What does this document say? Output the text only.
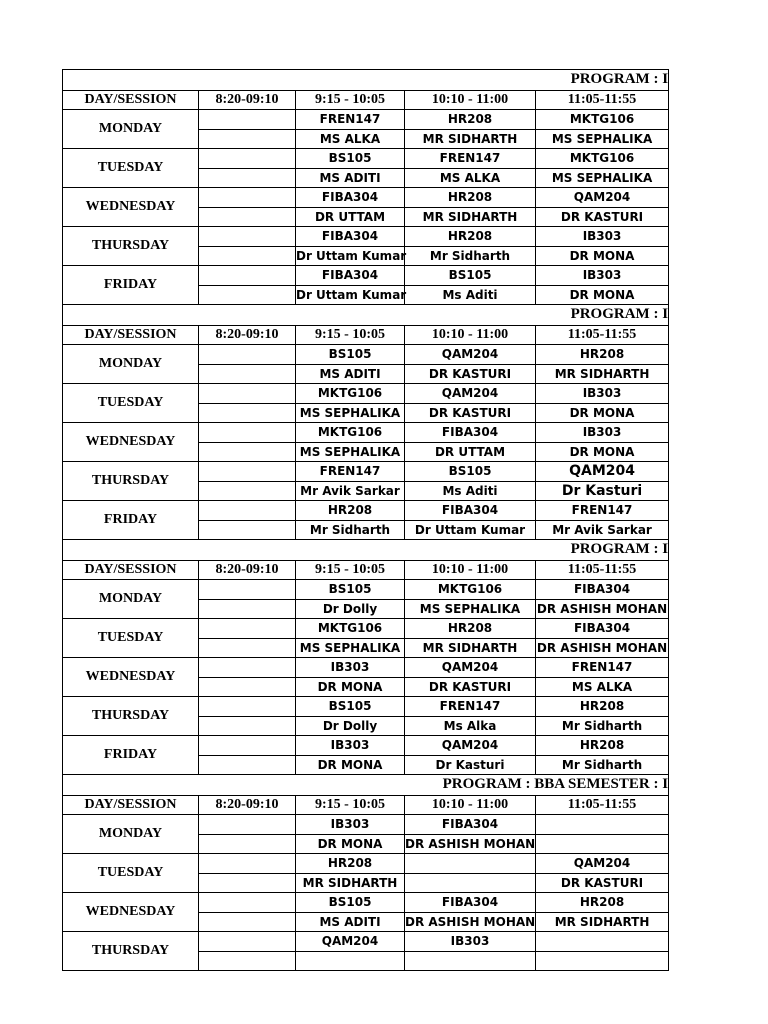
PROGRAM : I				
DAY/SESSION	8:20-09:10	9:15 - 10:05	10:10 - 11:00	11:05-11:55
MONDAY		FREN147	HR208	MKTG106
		MS ALKA	MR SIDHARTH	MS SEPHALIKA
TUESDAY		BS105	FREN147	MKTG106
		MS ADITI	MS ALKA	MS SEPHALIKA
WEDNESDAY		FIBA304	HR208	QAM204
		DR UTTAM	MR SIDHARTH	DR KASTURI
THURSDAY		FIBA304	HR208	IB303
		Dr Uttam Kumar	Mr Sidharth	DR MONA
FRIDAY		FIBA304	BS105	IB303
		Dr Uttam Kumar	Ms Aditi	DR MONA
PROGRAM : I				
DAY/SESSION	8:20-09:10	9:15 - 10:05	10:10 - 11:00	11:05-11:55
MONDAY		BS105	QAM204	HR208
		MS ADITI	DR KASTURI	MR SIDHARTH
TUESDAY		MKTG106	QAM204	IB303
		MS SEPHALIKA	DR KASTURI	DR MONA
WEDNESDAY		MKTG106	FIBA304	IB303
		MS SEPHALIKA	DR UTTAM	DR MONA
THURSDAY		FREN147	BS105	QAM204
		Mr Avik Sarkar	Ms Aditi	Dr Kasturi
FRIDAY		HR208	FIBA304	FREN147
		Mr Sidharth	Dr Uttam Kumar	Mr Avik Sarkar
PROGRAM : I				
DAY/SESSION	8:20-09:10	9:15 - 10:05	10:10 - 11:00	11:05-11:55
MONDAY		BS105	MKTG106	FIBA304
		Dr Dolly	MS SEPHALIKA	DR ASHISH MOHAN
TUESDAY		MKTG106	HR208	FIBA304
		MS SEPHALIKA	MR SIDHARTH	DR ASHISH MOHAN
WEDNESDAY		IB303	QAM204	FREN147
		DR MONA	DR KASTURI	MS ALKA
THURSDAY		BS105	FREN147	HR208
		Dr Dolly	Ms Alka	Mr Sidharth
FRIDAY		IB303	QAM204	HR208
		DR MONA	Dr Kasturi	Mr Sidharth
PROGRAM : BBA SEMESTER : I				
DAY/SESSION	8:20-09:10	9:15 - 10:05	10:10 - 11:00	11:05-11:55
MONDAY		IB303	FIBA304	
		DR MONA	DR ASHISH MOHAN	
TUESDAY		HR208		QAM204
		MR SIDHARTH		DR KASTURI
WEDNESDAY		BS105	FIBA304	HR208
		MS ADITI	DR ASHISH MOHAN	MR SIDHARTH
THURSDAY		QAM204	IB303	
